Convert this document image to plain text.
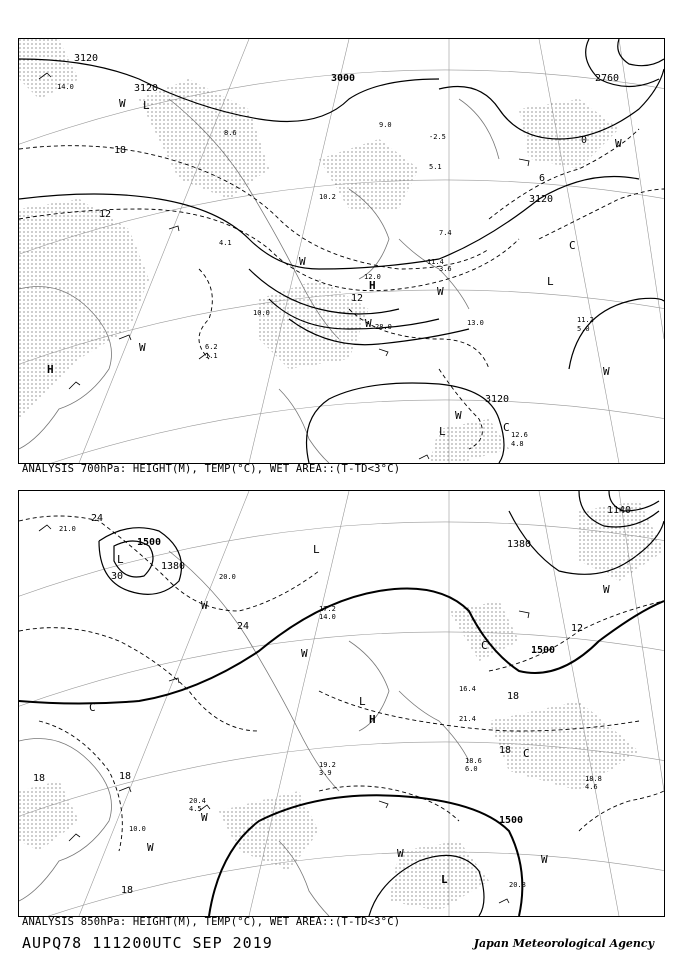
3120
3000	2760
3120
3120
3120
18
12
0
6
12
L
H	L
L
H
W
W
W
W
W
C
C
W
W
W
14.0
8.6
10.2
12.0
11.4
9.0
-2.5
5.1
10.0
13.0	11.2
5.0
12.6
4.8
6.2
1.1
28.0
3.6
7.4
4.1
ANALYSIS 700hPa: HEIGHT(M), TEMP(°C), WET AREA::(T-TD<3°C)
1500
1380
1380
1500
1500
1140
24
24
30
18
18
18
12
18
18
L
H
L
L
L
C
C
W
W
W	W	W
C
W
W
20.0
21.0
17.2
14.0
20.4
4.5
19.2
3.9
20.8
18.6
6.0
18.8
4.6
10.0
21.4
16.4
ANALYSIS 850hPa: HEIGHT(M), TEMP(°C), WET AREA::(T-TD<3°C)
AUPQ78 111200UTC SEP 2019	Japan Meteorological Agency
